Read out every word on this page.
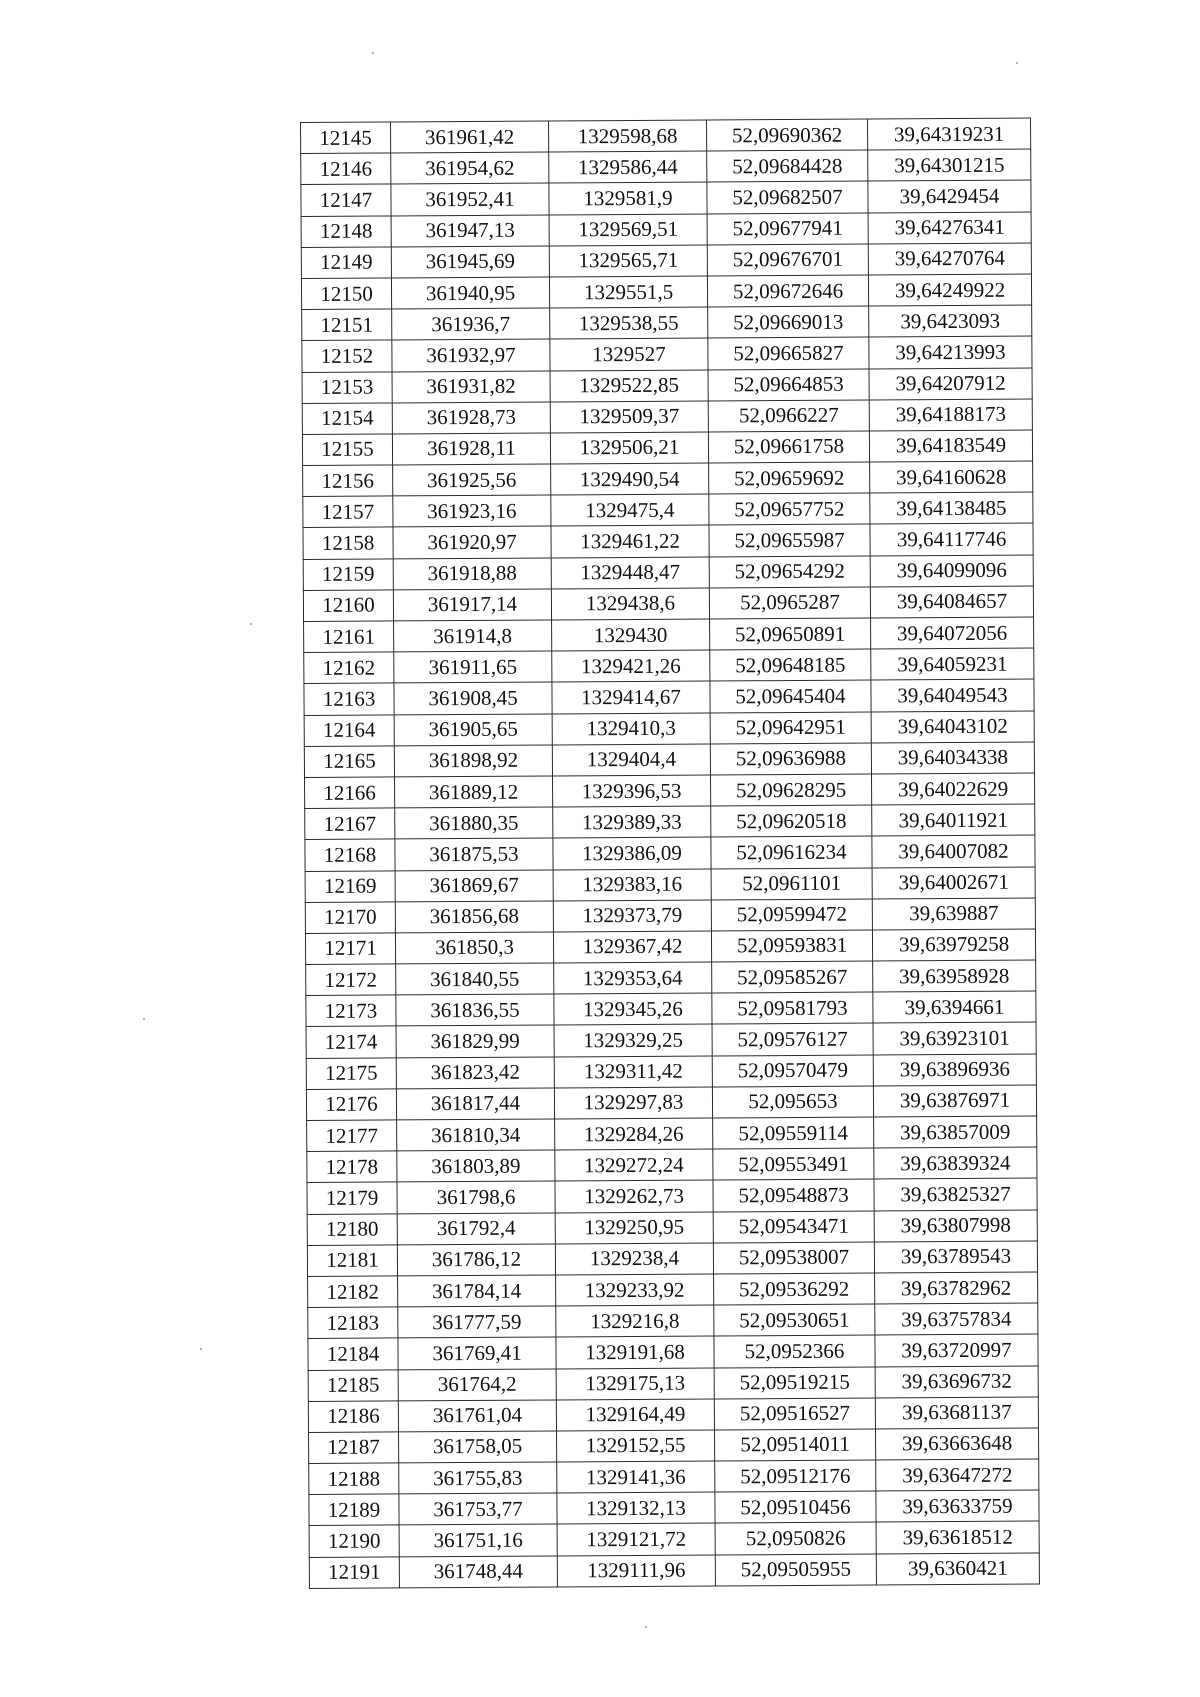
12145	361961,42	1329598,68	52,09690362	39,64319231
12146	361954,62	1329586,44	52,09684428	39,64301215
12147	361952,41	1329581,9	52,09682507	39,6429454
12148	361947,13	1329569,51	52,09677941	39,64276341
12149	361945,69	1329565,71	52,09676701	39,64270764
12150	361940,95	1329551,5	52,09672646	39,64249922
12151	361936,7	1329538,55	52,09669013	39,6423093
12152	361932,97	1329527	52,09665827	39,64213993
12153	361931,82	1329522,85	52,09664853	39,64207912
12154	361928,73	1329509,37	52,0966227	39,64188173
12155	361928,11	1329506,21	52,09661758	39,64183549
12156	361925,56	1329490,54	52,09659692	39,64160628
12157	361923,16	1329475,4	52,09657752	39,64138485
12158	361920,97	1329461,22	52,09655987	39,64117746
12159	361918,88	1329448,47	52,09654292	39,64099096
12160	361917,14	1329438,6	52,0965287	39,64084657
12161	361914,8	1329430	52,09650891	39,64072056
12162	361911,65	1329421,26	52,09648185	39,64059231
12163	361908,45	1329414,67	52,09645404	39,64049543
12164	361905,65	1329410,3	52,09642951	39,64043102
12165	361898,92	1329404,4	52,09636988	39,64034338
12166	361889,12	1329396,53	52,09628295	39,64022629
12167	361880,35	1329389,33	52,09620518	39,64011921
12168	361875,53	1329386,09	52,09616234	39,64007082
12169	361869,67	1329383,16	52,0961101	39,64002671
12170	361856,68	1329373,79	52,09599472	39,639887
12171	361850,3	1329367,42	52,09593831	39,63979258
12172	361840,55	1329353,64	52,09585267	39,63958928
12173	361836,55	1329345,26	52,09581793	39,6394661
12174	361829,99	1329329,25	52,09576127	39,63923101
12175	361823,42	1329311,42	52,09570479	39,63896936
12176	361817,44	1329297,83	52,095653	39,63876971
12177	361810,34	1329284,26	52,09559114	39,63857009
12178	361803,89	1329272,24	52,09553491	39,63839324
12179	361798,6	1329262,73	52,09548873	39,63825327
12180	361792,4	1329250,95	52,09543471	39,63807998
12181	361786,12	1329238,4	52,09538007	39,63789543
12182	361784,14	1329233,92	52,09536292	39,63782962
12183	361777,59	1329216,8	52,09530651	39,63757834
12184	361769,41	1329191,68	52,0952366	39,63720997
12185	361764,2	1329175,13	52,09519215	39,63696732
12186	361761,04	1329164,49	52,09516527	39,63681137
12187	361758,05	1329152,55	52,09514011	39,63663648
12188	361755,83	1329141,36	52,09512176	39,63647272
12189	361753,77	1329132,13	52,09510456	39,63633759
12190	361751,16	1329121,72	52,0950826	39,63618512
12191	361748,44	1329111,96	52,09505955	39,6360421
